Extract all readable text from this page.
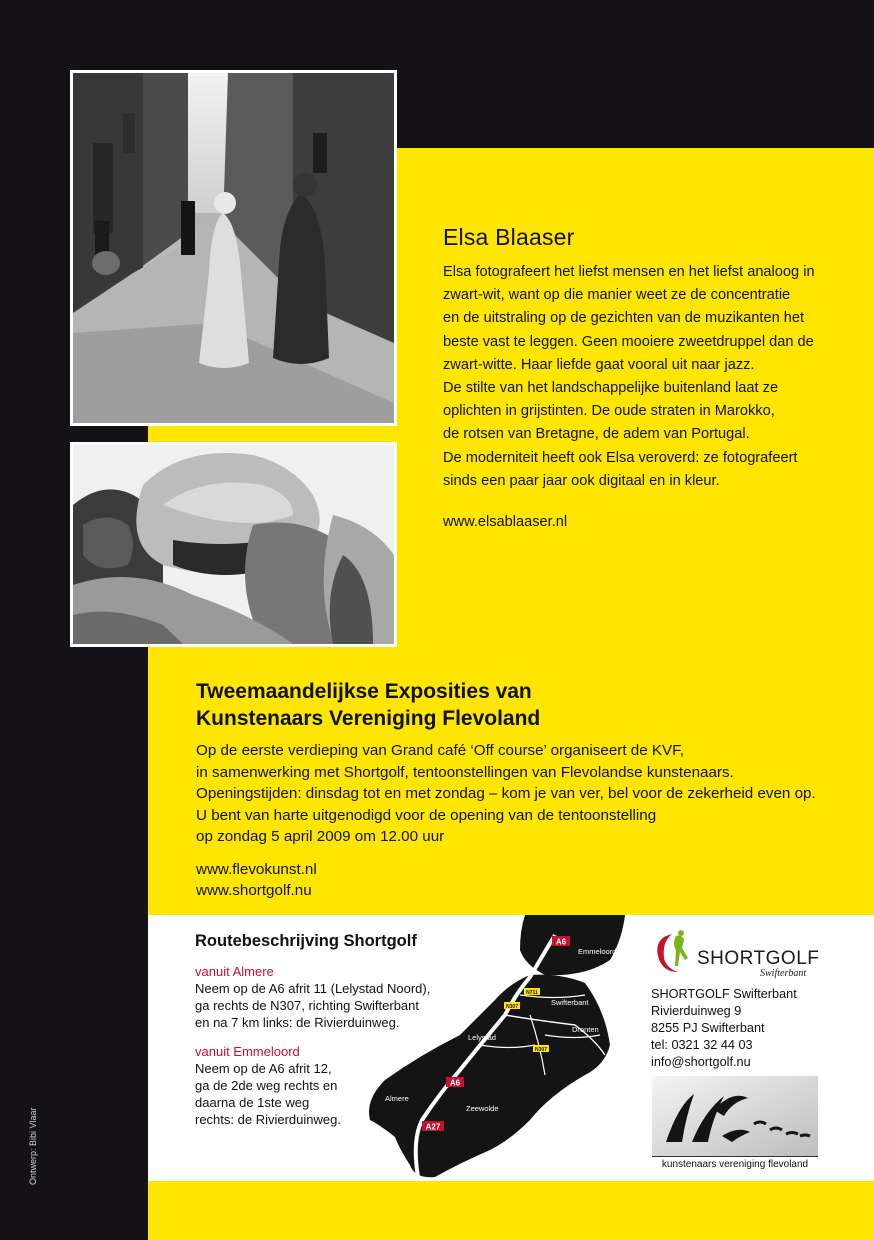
Elsa Blaaser
Elsa fotografeert het liefst mensen en het liefst analoog in
zwart-wit, want op die manier weet ze de concentratie
en de uitstraling op de gezichten van de muzikanten het
beste vast te leggen. Geen mooiere zweetdruppel dan de
zwart-witte. Haar liefde gaat vooral uit naar jazz.
De stilte van het landschappelijke buitenland laat ze
oplichten in grijstinten. De oude straten in Marokko,
de rotsen van Bretagne, de adem van Portugal.
De moderniteit heeft ook Elsa veroverd: ze fotografeert
sinds een paar jaar ook digitaal en in kleur.
www.elsablaaser.nl
Tweemaandelijkse Exposities van
Kunstenaars Vereniging Flevoland
Op de eerste verdieping van Grand café ‘Off course’ organiseert de KVF,
in samenwerking met Shortgolf, tentoonstellingen van Flevolandse kunstenaars.
Openingstijden: dinsdag tot en met zondag – kom je van ver, bel voor de zekerheid even op.
U bent van harte uitgenodigd voor de opening van de tentoonstelling
op zondag 5 april 2009 om 12.00 uur
www.flevokunst.nl
www.shortgolf.nu
Routebeschrijving Shortgolf
vanuit Almere
Neem op de A6 afrit 11 (Lelystad Noord),
ga rechts de N307, richting Swifterbant
en na 7 km links: de Rivierduinweg.
vanuit Emmeloord
Neem op de A6 afrit 12,
ga de 2de weg rechts en
daarna de 1ste weg
rechts: de Rivierduinweg.
A6
A6
A27
N711
N307
N307
Emmeloord
Swifterbant
Dronten
Lelystad
Almere
Zeewolde
SHORTGOLF
Swifterbant
SHORTGOLF Swifterbant
Rivierduinweg 9
8255 PJ Swifterbant
tel: 0321 32 44 03
info@shortgolf.nu
kunstenaars vereniging flevoland
Ontwerp: Bibi Vlaar
